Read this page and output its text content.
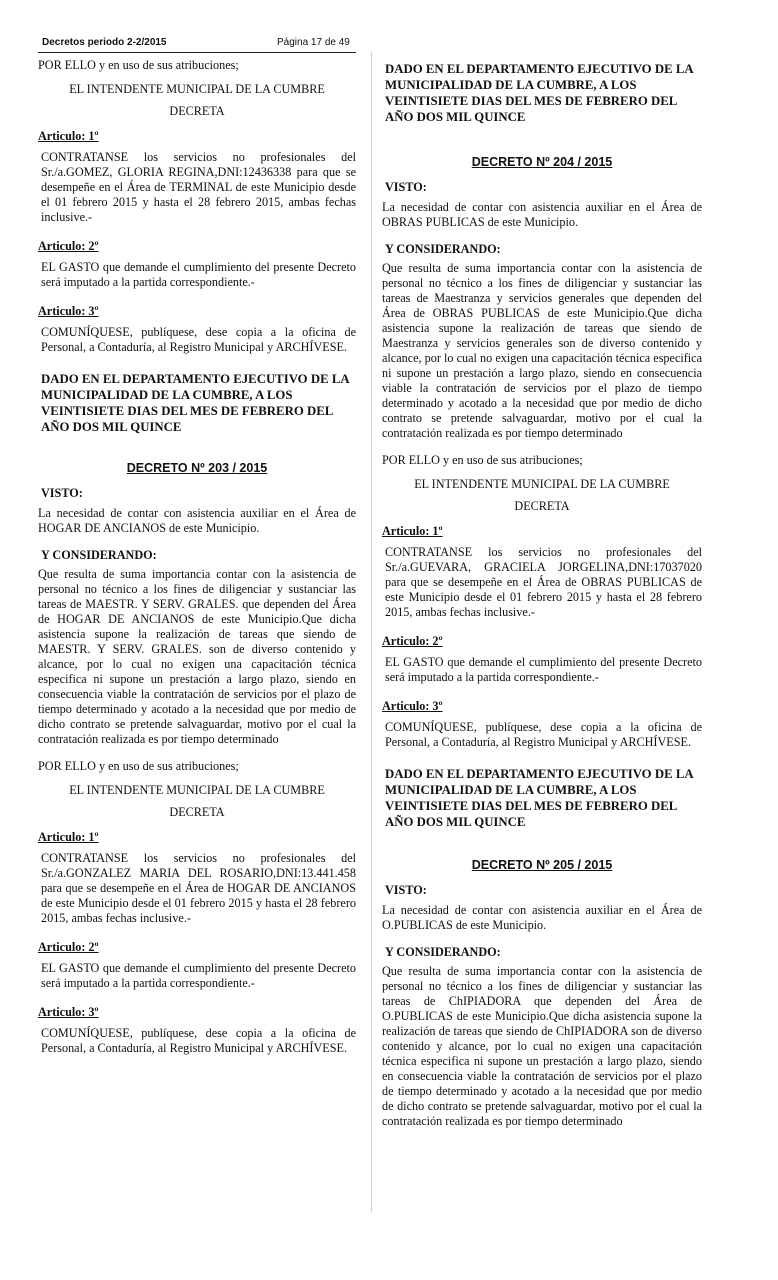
Decretos periodo 2-2/2015	Página 17 de 49

POR ELLO y en uso de sus atribuciones;

EL INTENDENTE MUNICIPAL DE LA CUMBRE
DECRETA
Articulo: 1º
CONTRATANSE los servicios no profesionales del Sr./a.GOMEZ, GLORIA REGINA,DNI:12436338 para que se desempeñe en el Área de TERMINAL de este Municipio desde el 01 febrero 2015 y hasta el 28 febrero 2015, ambas fechas inclusive.-
Articulo: 2º
EL GASTO que demande el cumplimiento del presente Decreto será imputado a la partida correspondiente.-
Articulo: 3º
COMUNÍQUESE, publíquese, dese copia a la oficina de Personal, a Contaduría, al Registro Municipal y ARCHÍVESE.
DADO EN EL DEPARTAMENTO EJECUTIVO DE LA MUNICIPALIDAD DE LA CUMBRE, A LOS VEINTISIETE DIAS DEL MES DE FEBRERO DEL AÑO DOS MIL QUINCE
DECRETO Nº 203 / 2015
VISTO:
La necesidad de contar con asistencia auxiliar en el Área de HOGAR DE ANCIANOS de este Municipio.
Y CONSIDERANDO:
Que resulta de suma importancia contar con la asistencia de personal no técnico a los fines de diligenciar y sustanciar las tareas de MAESTR. Y SERV. GRALES. que dependen del Área de HOGAR DE ANCIANOS de este Municipio.Que dicha asistencia supone la realización de tareas que siendo de MAESTR. Y SERV. GRALES. son de diverso contenido y alcance, por lo cual no exigen una capacitación técnica especifica ni supone un prestación a largo plazo, siendo en consecuencia viable la contratación de servicios por el plazo de tiempo determinado y acotado a la necesidad que por medio de dicho contrato se pretende salvaguardar, motivo por el cual la contratación realizada es por tiempo determinado

POR ELLO y en uso de sus atribuciones;

EL INTENDENTE MUNICIPAL DE LA CUMBRE
DECRETA
Articulo: 1º
CONTRATANSE los servicios no profesionales del Sr./a.GONZALEZ MARIA DEL ROSARIO,DNI:13.441.458 para que se desempeñe en el Área de HOGAR DE ANCIANOS de este Municipio desde el 01 febrero 2015 y hasta el 28 febrero 2015, ambas fechas inclusive.-
Articulo: 2º
EL GASTO que demande el cumplimiento del presente Decreto será imputado a la partida correspondiente.-
Articulo: 3º
COMUNÍQUESE, publíquese, dese copia a la oficina de Personal, a Contaduría, al Registro Municipal y ARCHÍVESE.
DADO EN EL DEPARTAMENTO EJECUTIVO DE LA MUNICIPALIDAD DE LA CUMBRE, A LOS VEINTISIETE DIAS DEL MES DE FEBRERO DEL AÑO DOS MIL QUINCE
DECRETO Nº 204 / 2015
VISTO:
La necesidad de contar con asistencia auxiliar en el Área de OBRAS PUBLICAS de este Municipio.
Y CONSIDERANDO:
Que resulta de suma importancia contar con la asistencia de personal no técnico a los fines de diligenciar y sustanciar las tareas de Maestranza y servicios generales que dependen del Área de OBRAS PUBLICAS de este Municipio.Que dicha asistencia supone la realización de tareas que siendo de Maestranza y servicios generales son de diverso contenido y alcance, por lo cual no exigen una capacitación técnica especifica ni supone un prestación a largo plazo, siendo en consecuencia viable la contratación de servicios por el plazo de tiempo determinado y acotado a la necesidad que por medio de dicho contrato se pretende salvaguardar, motivo por el cual la contratación realizada es por tiempo determinado

POR ELLO y en uso de sus atribuciones;

EL INTENDENTE MUNICIPAL DE LA CUMBRE
DECRETA
Articulo: 1º
CONTRATANSE los servicios no profesionales del Sr./a.GUEVARA, GRACIELA JORGELINA,DNI:17037020 para que se desempeñe en el Área de OBRAS PUBLICAS de este Municipio desde el 01 febrero 2015 y hasta el 28 febrero 2015, ambas fechas inclusive.-
Articulo: 2º
EL GASTO que demande el cumplimiento del presente Decreto será imputado a la partida correspondiente.-
Articulo: 3º
COMUNÍQUESE, publíquese, dese copia a la oficina de Personal, a Contaduría, al Registro Municipal y ARCHÍVESE.
DADO EN EL DEPARTAMENTO EJECUTIVO DE LA MUNICIPALIDAD DE LA CUMBRE, A LOS VEINTISIETE DIAS DEL MES DE FEBRERO DEL AÑO DOS MIL QUINCE
DECRETO Nº 205 / 2015
VISTO:
La necesidad de contar con asistencia auxiliar en el Área de O.PUBLICAS de este Municipio.
Y CONSIDERANDO:
Que resulta de suma importancia contar con la asistencia de personal no técnico a los fines de diligenciar y sustanciar las tareas de ChIPIADORA que dependen del Área de O.PUBLICAS de este Municipio.Que dicha asistencia supone la realización de tareas que siendo de ChIPIADORA son de diverso contenido y alcance, por lo cual no exigen una capacitación técnica especifica ni supone un prestación a largo plazo, siendo en consecuencia viable la contratación de servicios por el plazo de tiempo determinado y acotado a la necesidad que por medio de dicho contrato se pretende salvaguardar, motivo por el cual la contratación realizada es por tiempo determinado
